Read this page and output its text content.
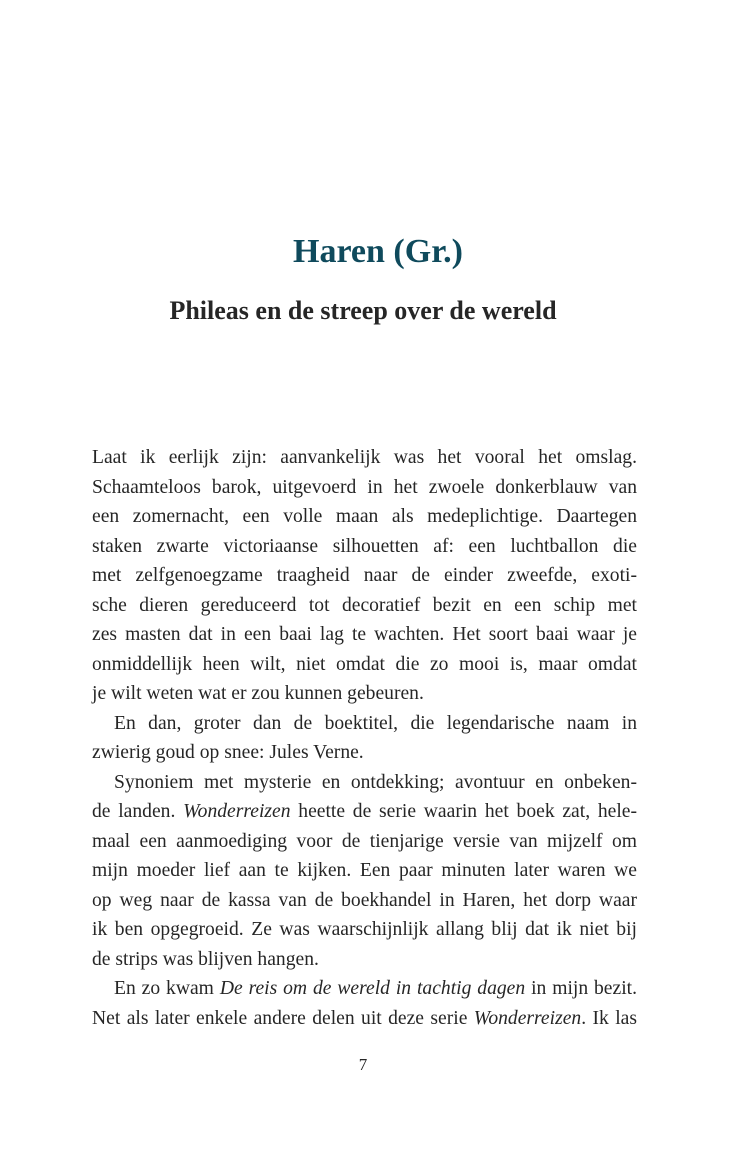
Haren (Gr.)
Phileas en de streep over de wereld
Laat ik eerlijk zijn: aanvankelijk was het vooral het omslag.
Schaamteloos barok, uitgevoerd in het zwoele donkerblauw van
een zomernacht, een volle maan als medeplichtige. Daartegen
staken zwarte victoriaanse silhouetten af: een luchtballon die
met zelfgenoegzame traagheid naar de einder zweefde, exoti-
sche dieren gereduceerd tot decoratief bezit en een schip met
zes masten dat in een baai lag te wachten. Het soort baai waar je
onmiddellijk heen wilt, niet omdat die zo mooi is, maar omdat
je wilt weten wat er zou kunnen gebeuren.
En dan, groter dan de boektitel, die legendarische naam in
zwierig goud op snee: Jules Verne.
Synoniem met mysterie en ontdekking; avontuur en onbeken-
de landen. Wonderreizen heette de serie waarin het boek zat, hele-
maal een aanmoediging voor de tienjarige versie van mijzelf om
mijn moeder lief aan te kijken. Een paar minuten later waren we
op weg naar de kassa van de boekhandel in Haren, het dorp waar
ik ben opgegroeid. Ze was waarschijnlijk allang blij dat ik niet bij
de strips was blijven hangen.
En zo kwam De reis om de wereld in tachtig dagen in mijn bezit.
Net als later enkele andere delen uit deze serie Wonderreizen. Ik las
7
